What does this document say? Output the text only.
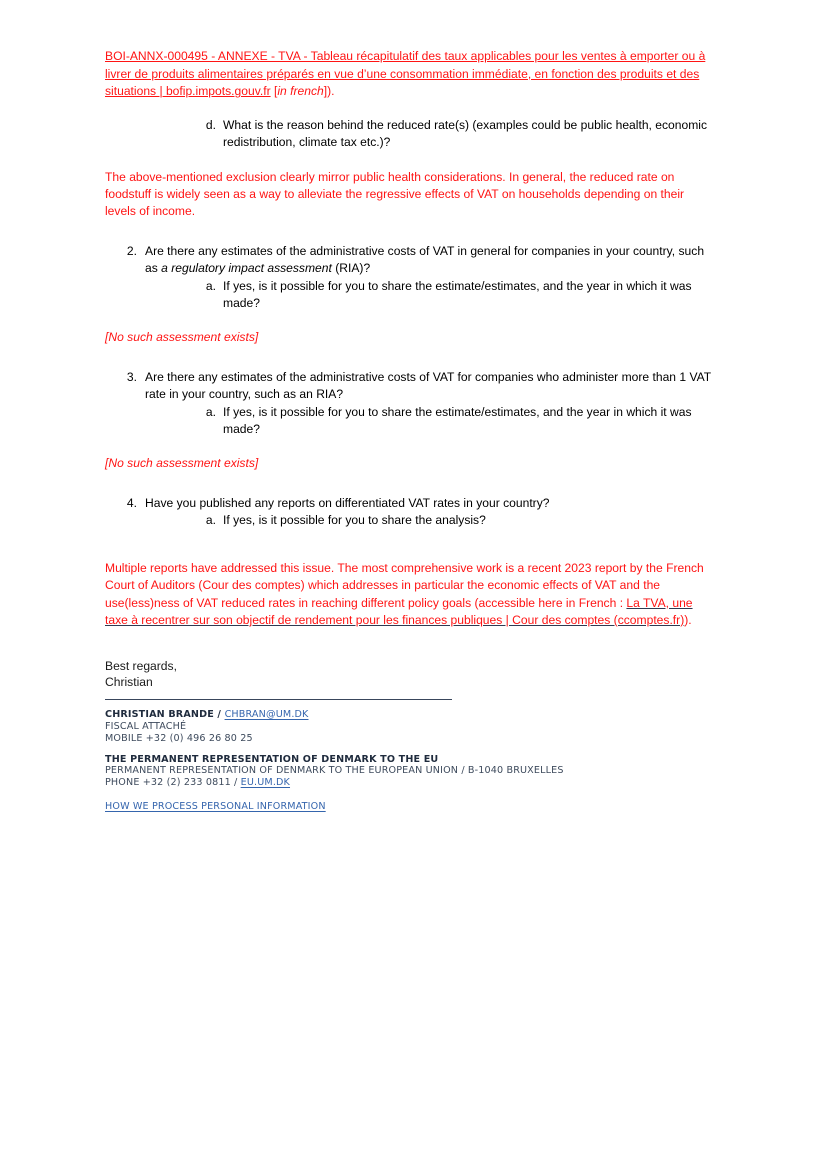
BOI-ANNX-000495 - ANNEXE - TVA - Tableau récapitulatif des taux applicables pour les ventes à emporter ou à livrer de produits alimentaires préparés en vue d’une consommation immédiate, en fonction des produits et des situations | bofip.impots.gouv.fr [in french]).

d. What is the reason behind the reduced rate(s) (examples could be public health, economic redistribution, climate tax etc.)?

The above-mentioned exclusion clearly mirror public health considerations. In general, the reduced rate on foodstuff is widely seen as a way to alleviate the regressive effects of VAT on households depending on their levels of income.

2. Are there any estimates of the administrative costs of VAT in general for companies in your country, such as a regulatory impact assessment (RIA)?
a. If yes, is it possible for you to share the estimate/estimates, and the year in which it was made?

[No such assessment exists]

3. Are there any estimates of the administrative costs of VAT for companies who administer more than 1 VAT rate in your country, such as an RIA?
a. If yes, is it possible for you to share the estimate/estimates, and the year in which it was made?

[No such assessment exists]

4. Have you published any reports on differentiated VAT rates in your country?
a. If yes, is it possible for you to share the analysis?

Multiple reports have addressed this issue. The most comprehensive work is a recent 2023 report by the French Court of Auditors (Cour des comptes) which addresses in particular the economic effects of VAT and the use(less)ness of VAT reduced rates in reaching different policy goals (accessible here in French : La TVA, une taxe à recentrer sur son objectif de rendement pour les finances publiques | Cour des comptes (ccomptes.fr)).

Best regards,

Christian

CHRISTIAN BRANDE / CHBRAN@UM.DK

FISCAL ATTACHÉ

MOBILE +32 (0) 496 26 80 25

THE PERMANENT REPRESENTATION OF DENMARK TO THE EU

PERMANENT REPRESENTATION OF DENMARK TO THE EUROPEAN UNION / B-1040 BRUXELLES

PHONE +32 (2) 233 0811 / EU.UM.DK

HOW WE PROCESS PERSONAL INFORMATION
